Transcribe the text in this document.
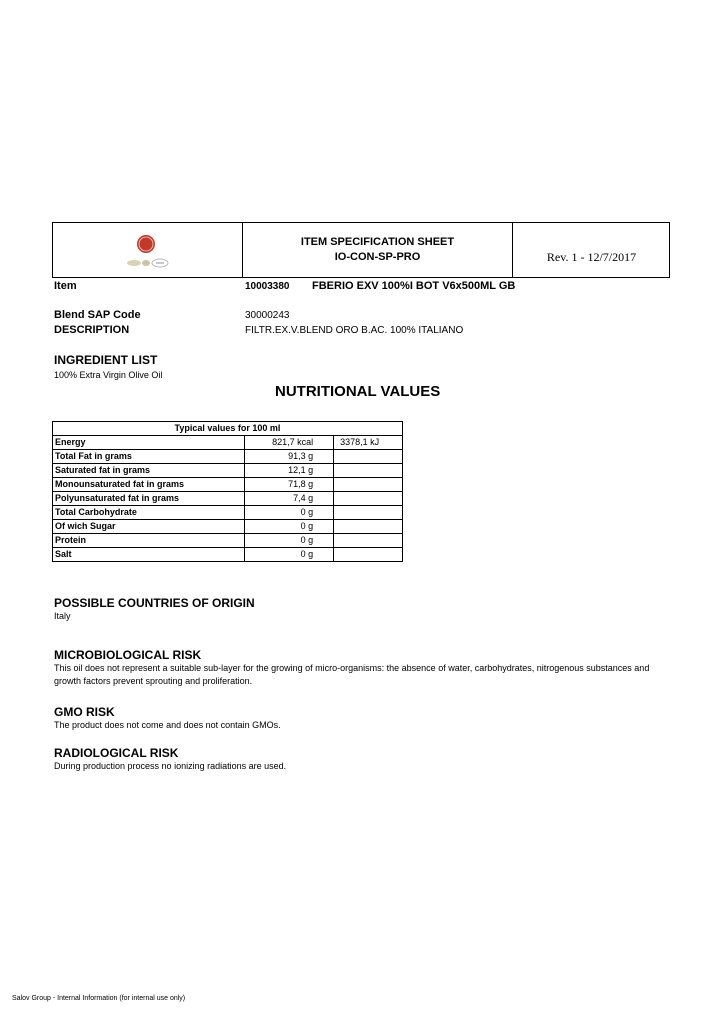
ITEM SPECIFICATION SHEET
IO-CON-SP-PRO	Rev. 1 - 12/7/2017
Item	10003380 FBERIO EXV 100%I BOT V6x500ML GB
Blend SAP Code	30000243
DESCRIPTION	FILTR.EX.V.BLEND ORO B.AC. 100% ITALIANO
INGREDIENT LIST
100% Extra Virgin Olive Oil
NUTRITIONAL VALUES
Typical values for 100 ml		
Energy	821,7 kcal	3378,1 kJ
Total Fat in grams	91,3 g	
Saturated fat in grams	12,1 g	
Monounsaturated fat in grams	71,8 g	
Polyunsaturated fat in grams	7,4 g	
Total Carbohydrate	0 g	
Of wich Sugar	0 g	
Protein	0 g	
Salt	0 g	
POSSIBLE COUNTRIES OF ORIGIN
Italy
MICROBIOLOGICAL RISK
This oil does not represent a suitable sub-layer for the growing of micro-organisms: the absence of water, carbohydrates, nitrogenous substances and growth factors prevent sprouting and proliferation.
GMO RISK
The product does not come and does not contain GMOs.
RADIOLOGICAL RISK
During production process no ionizing radiations are used.
Salov Group - Internal Information (for internal use only)
